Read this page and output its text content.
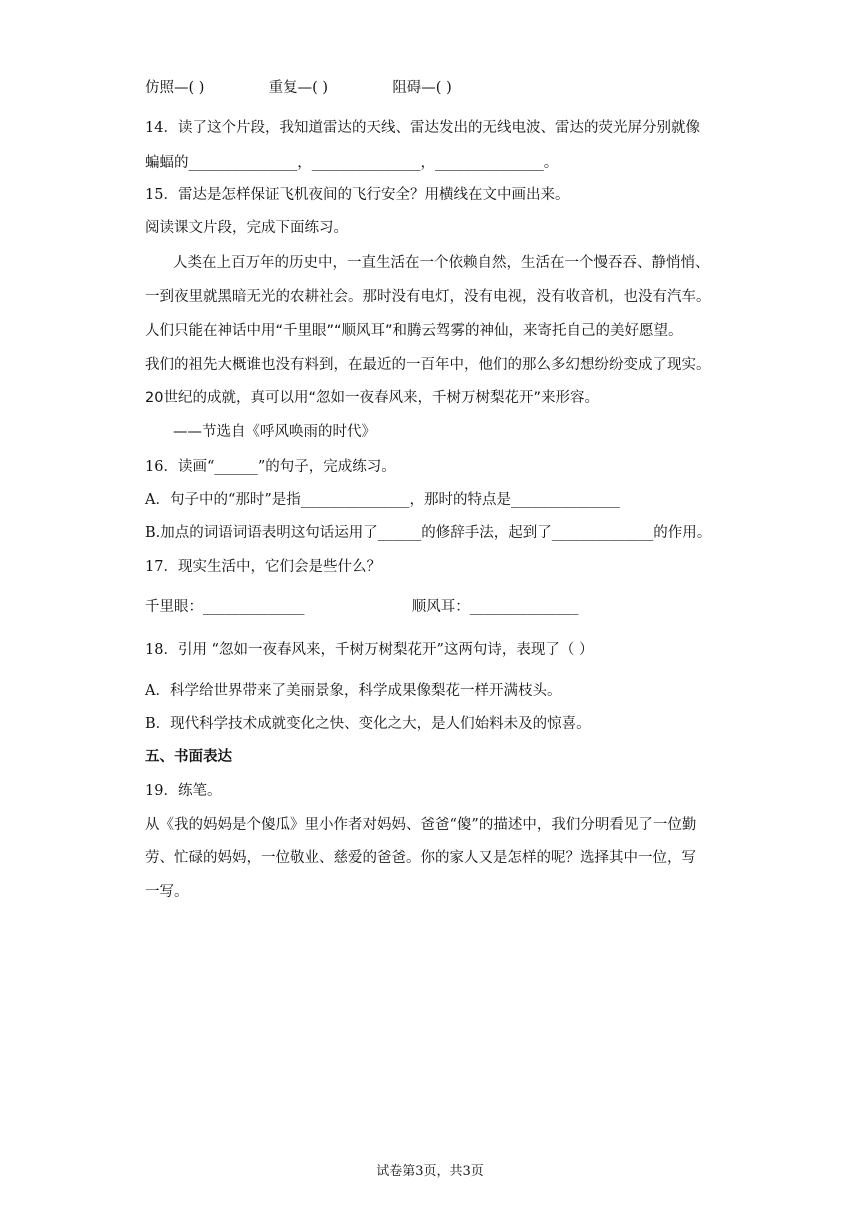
仿照—( )	重复—( )	阻碍—( )
14．读了这个片段，我知道雷达的天线、雷达发出的无线电波、雷达的荧光屏分别就像
蝙蝠的_______________，_______________，_______________。
15．雷达是怎样保证飞机夜间的飞行安全？用横线在文中画出来。
阅读课文片段，完成下面练习。
人类在上百万年的历史中，一直生活在一个依赖自然，生活在一个慢吞吞、静悄悄、
一到夜里就黑暗无光的农耕社会。那时没有电灯，没有电视，没有收音机，也没有汽车。
人们只能在神话中用“千里眼”“顺风耳”和腾云驾雾的神仙，来寄托自己的美好愿望。
我们的祖先大概谁也没有料到，在最近的一百年中，他们的那么多幻想纷纷变成了现实。
20世纪的成就，真可以用“忽如一夜春风来，千树万树梨花开”来形容。
——节选自《呼风唤雨的时代》
16．读画“______”的句子，完成练习。
A．句子中的“那时”是指_______________，那时的特点是_______________
B.加点的词语词语表明这句话运用了______的修辞手法，起到了______________的作用。
17．现实生活中，它们会是些什么？
千里眼：______________	顺风耳：_______________
18．引用 “忽如一夜春风来，千树万树梨花开”这两句诗，表现了（ ）
A．科学给世界带来了美丽景象，科学成果像梨花一样开满枝头。
B．现代科学技术成就变化之快、变化之大，是人们始料未及的惊喜。
五、书面表达
19．练笔。
从《我的妈妈是个傻瓜》里小作者对妈妈、爸爸“傻”的描述中，我们分明看见了一位勤
劳、忙碌的妈妈，一位敬业、慈爱的爸爸。你的家人又是怎样的呢？选择其中一位，写
一写。
试卷第3页，共3页
